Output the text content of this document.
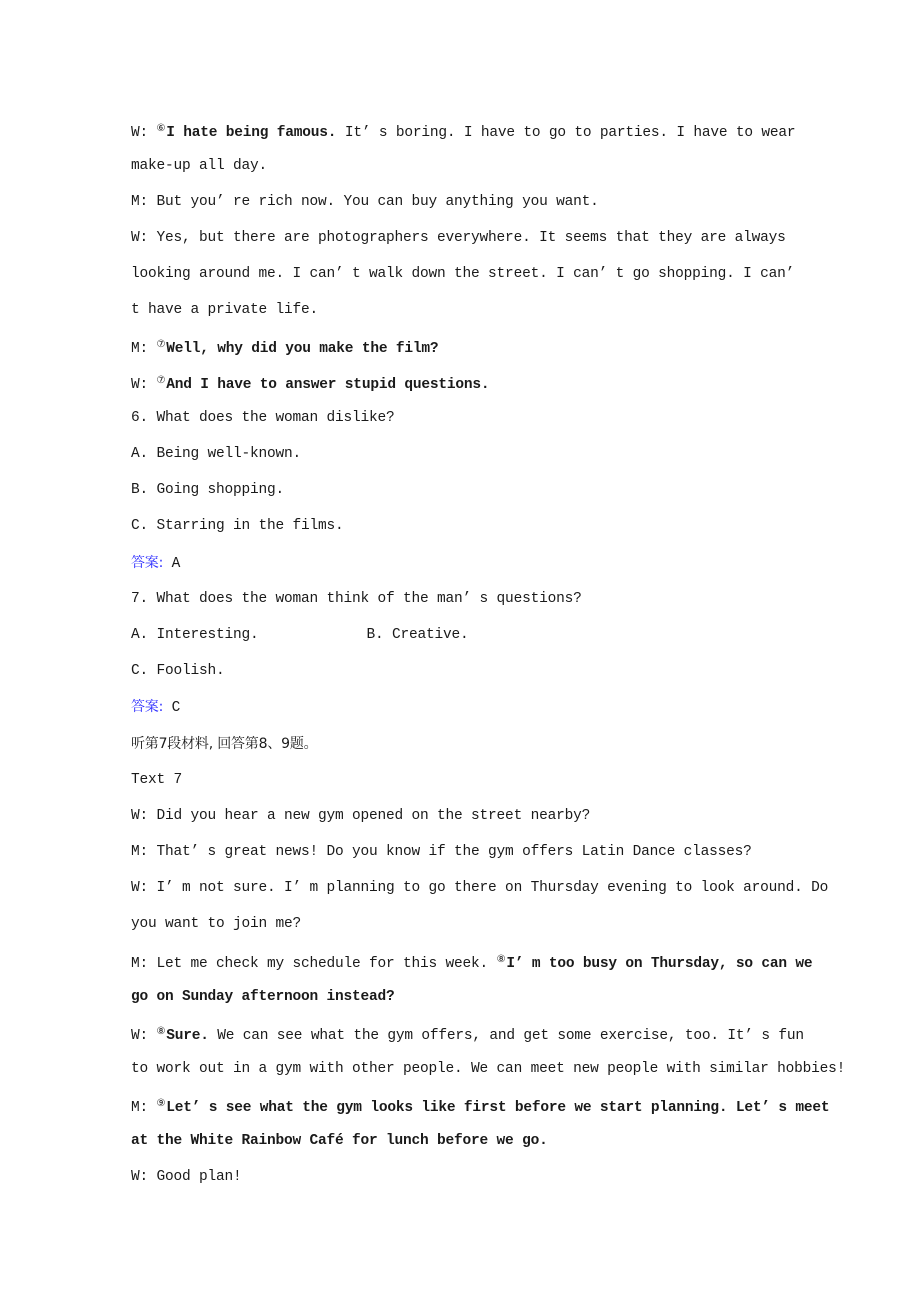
W: ⑥I hate being famous. It’ s boring. I have to go to parties. I have to wear
make-up all day.
M: But you’ re rich now. You can buy anything you want.
W: Yes, but there are photographers everywhere. It seems that they are always
looking around me. I can’ t walk down the street. I can’ t go shopping. I can’
t have a private life.
M: ⑦Well, why did you make the film?
W: ⑦And I have to answer stupid questions.
6. What does the woman dislike?
A. Being well-known.
B. Going shopping.
C. Starring in the films.
答案: A
7. What does the woman think of the man’ s questions?
A. Interesting.	B. Creative.
C. Foolish.
答案: C
听第7段材料, 回答第8、9题。
Text 7
W: Did you hear a new gym opened on the street nearby?
M: That’ s great news! Do you know if the gym offers Latin Dance classes?
W: I’ m not sure. I’ m planning to go there on Thursday evening to look around. Do
you want to join me?
M: Let me check my schedule for this week. ⑧I’ m too busy on Thursday, so can we
go on Sunday afternoon instead?
W: ⑧Sure. We can see what the gym offers, and get some exercise, too. It’ s fun
to work out in a gym with other people. We can meet new people with similar hobbies!
M: ⑨Let’ s see what the gym looks like first before we start planning. Let’ s meet
at the White Rainbow Café for lunch before we go.
W: Good plan!
